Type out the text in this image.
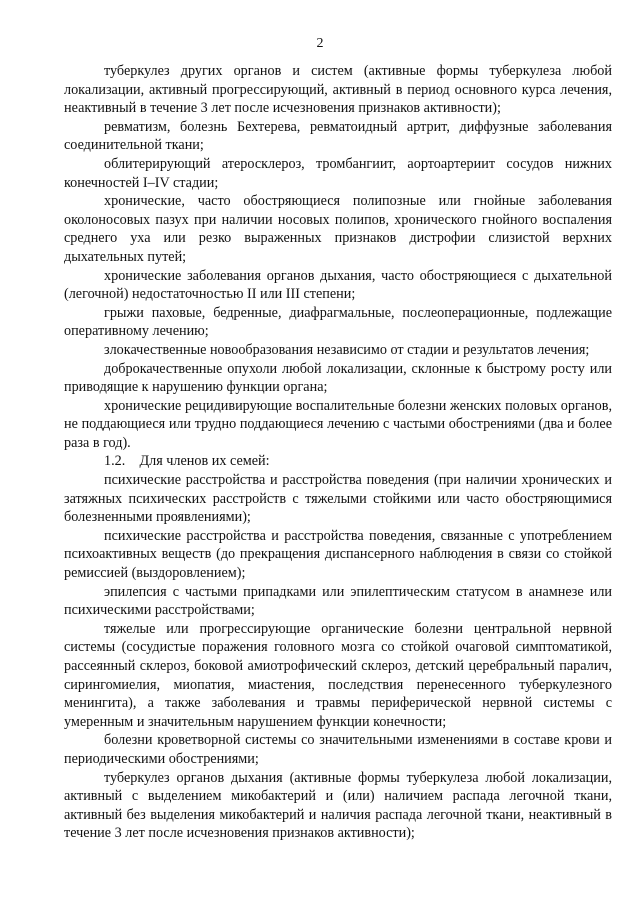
2

туберкулез других органов и систем (активные формы туберкулеза любой локализации, активный прогрессирующий, активный в период основного курса лечения, неактивный в течение 3 лет после исчезновения признаков активности);

ревматизм, болезнь Бехтерева, ревматоидный артрит, диффузные заболевания соединительной ткани;

облитерирующий атеросклероз, тромбангиит, аортоартериит сосудов нижних конечностей I–IV стадии;

хронические, часто обостряющиеся полипозные или гнойные заболевания околоносовых пазух при наличии носовых полипов, хронического гнойного воспаления среднего уха или резко выраженных признаков дистрофии слизистой верхних дыхательных путей;

хронические заболевания органов дыхания, часто обостряющиеся с дыхательной (легочной) недостаточностью II или III степени;

грыжи паховые, бедренные, диафрагмальные, послеоперационные, подлежащие оперативному лечению;

злокачественные новообразования независимо от стадии и результатов лечения;

доброкачественные опухоли любой локализации, склонные к быстрому росту или приводящие к нарушению функции органа;

хронические рецидивирующие воспалительные болезни женских половых органов, не поддающиеся или трудно поддающиеся лечению с частыми обострениями (два и более раза в год).

1.2.    Для членов их семей:

психические расстройства и расстройства поведения (при наличии хронических и затяжных психических расстройств с тяжелыми стойкими или часто обостряющимися болезненными проявлениями);

психические расстройства и расстройства поведения, связанные с употреблением психоактивных веществ (до прекращения диспансерного наблюдения в связи со стойкой ремиссией (выздоровлением);

эпилепсия с частыми припадками или эпилептическим статусом в анамнезе или психическими расстройствами;

тяжелые или прогрессирующие органические болезни центральной нервной системы (сосудистые поражения головного мозга со стойкой очаговой симптоматикой, рассеянный склероз, боковой амиотрофический склероз, детский церебральный паралич, сирингомиелия, миопатия, миастения, последствия перенесенного туберкулезного менингита), а также заболевания и травмы периферической нервной системы с умеренным и значительным нарушением функции конечности;

болезни кроветворной системы со значительными изменениями в составе крови и периодическими обострениями;

туберкулез органов дыхания (активные формы туберкулеза любой локализации, активный с выделением микобактерий и (или) наличием распада легочной ткани, активный без выделения микобактерий и наличия распада легочной ткани, неактивный в течение 3 лет после исчезновения признаков активности);
